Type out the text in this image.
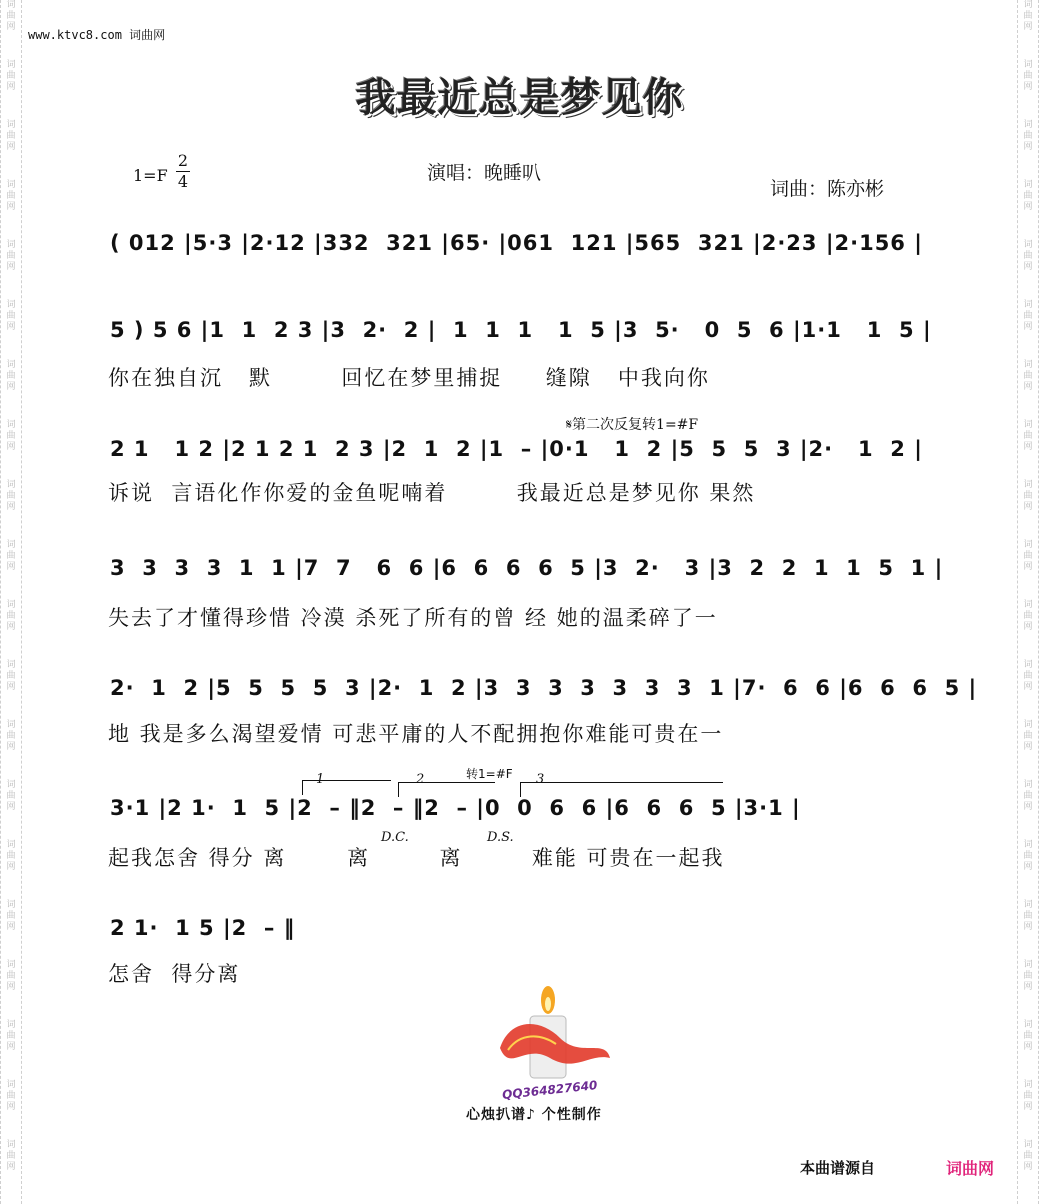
词
曲
网
词
曲
网
词
曲
网
词
曲
网
词
曲
网
词
曲
网
词
曲
网
词
曲
网
词
曲
网
词
曲
网
词
曲
网
词
曲
网
词
曲
网
词
曲
网
词
曲
网
词
曲
网
词
曲
网
词
曲
网
词
曲
网
词
曲
网
词
曲
网
词
曲
网
词
曲
网
词
曲
网
词
曲
网
词
曲
网
词
曲
网
词
曲
网
词
曲
网
词
曲
网
词
曲
网
词
曲
网
词
曲
网
词
曲
网
词
曲
网
词
曲
网
词
曲
网
词
曲
网
词
曲
网
词
曲
网
www.ktvc8.com 词曲网
我最近总是梦见你
1=F
2
4	演唱：晚睡叭
词曲：陈亦彬
( 012 |5·3 |2·12 |332  321 |65· |061  121 |565  321 |2·23 |2·156 |
5 ) 5 6 |1  1  2 3 |3  2·  2 |  1  1  1   1  5 |3  5·   0  5  6 |1·1   1  5 |
你在独自沉   默        回忆在梦里捕捉     缝隙   中我向你
𝄋第二次反复转1=#F
2 1   1 2 |2 1 2 1  2 3 |2  1  2 |1  – |0·1   1  2 |5  5  5  3 |2·   1  2 |
诉说  言语化作你爱的金鱼呢喃着        我最近总是梦见你 果然
3  3  3  3  1  1 |7  7   6  6 |6  6  6  6  5 |3  2·   3 |3  2  2  1  1  5  1 |
失去了才懂得珍惜 冷漠 杀死了所有的曾 经 她的温柔碎了一
2·  1  2 |5  5  5  5  3 |2·  1  2 |3  3  3  3  3  3  3  1 |7·  6  6 |6  6  6  5 |
地 我是多么渴望爱情 可悲平庸的人不配拥抱你难能可贵在一
1	2	转1=#F 3
3·1 |2 1·  1  5 |2  – ‖2  – ‖2  – |0  0  6  6 |6  6  6  5 |3·1 |
D.C.	D.S.
起我怎舍 得分 离       离        离        难能 可贵在一起我
2 1·  1 5 |2  – ‖
怎舍  得分离
QQ364827640
心烛扒谱♪ 个性制作
本曲谱源自	词曲网
